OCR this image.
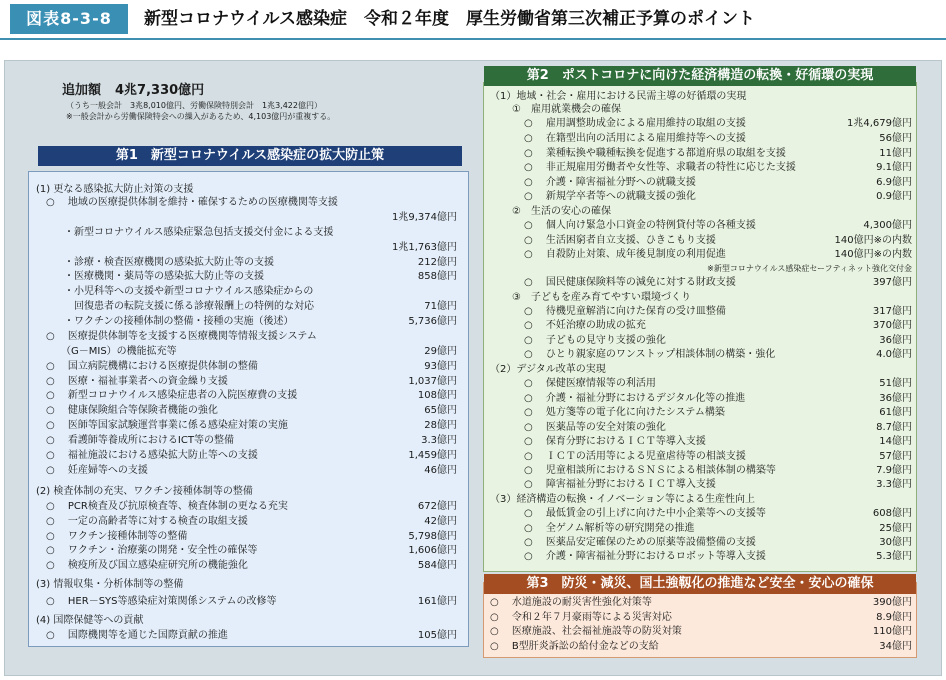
図表8-3-8	新型コロナウイルス感染症　令和２年度　厚生労働省第三次補正予算のポイント
追加額 4兆7,330億円
（うち一般会計　3兆8,010億円、労働保険特別会計　1兆3,422億円）
※一般会計から労働保険特会への繰入があるため、4,103億円が重複する。
第1　新型コロナウイルス感染症の拡大防止策
第2　ポストコロナに向けた経済構造の転換・好循環の実現
第3　防災・減災、国土強靱化の推進など安全・安心の確保
(1) 更なる感染拡大防止対策の支援
○　 地域の医療提供体制を維持・確保するための医療機関等支援
1兆9,374億円
・新型コロナウイルス感染症緊急包括支援交付金による支援
1兆1,763億円
・診療・検査医療機関の感染拡大防止等の支援	212億円
・医療機関・薬局等の感染拡大防止等の支援	858億円
・小児科等への支援や新型コロナウイルス感染症からの
　回復患者の転院支援に係る診療報酬上の特例的な対応	71億円
・ワクチンの接種体制の整備・接種の実施（後述）	5,736億円
○　 医療提供体制等を支援する医療機関等情報支援システム
　　（G－MIS）の機能拡充等	29億円
○　 国立病院機構における医療提供体制の整備	93億円
○　 医療・福祉事業者への資金繰り支援	1,037億円
○　 新型コロナウイルス感染症患者の入院医療費の支援	108億円
○　 健康保険組合等保険者機能の強化	65億円
○　 医師等国家試験運営事業に係る感染症対策の実施	28億円
○　 看護師等養成所におけるICT等の整備	3.3億円
○　 福祉施設における感染拡大防止等への支援	1,459億円
○　 妊産婦等への支援	46億円
(2) 検査体制の充実、ワクチン接種体制等の整備
○　 PCR検査及び抗原検査等、検査体制の更なる充実	672億円
○　 一定の高齢者等に対する検査の取組支援	42億円
○　 ワクチン接種体制等の整備	5,798億円
○　 ワクチン・治療薬の開発・安全性の確保等	1,606億円
○　 検疫所及び国立感染症研究所の機能強化	584億円
(3) 情報収集・分析体制等の整備
○　 HER－SYS等感染症対策関係システムの改修等	161億円
(4) 国際保健等への貢献
○　 国際機関等を通じた国際貢献の推進	105億円
（1）地域・社会・雇用における民需主導の好循環の実現
①　雇用就業機会の確保
○　 雇用調整助成金による雇用維持の取組の支援	1兆4,679億円
○　 在籍型出向の活用による雇用維持等への支援	56億円
○　 業種転換や職種転換を促進する都道府県の取組を支援	11億円
○　 非正規雇用労働者や女性等、求職者の特性に応じた支援	9.1億円
○　 介護・障害福祉分野への就職支援	6.9億円
○　 新規学卒者等への就職支援の強化	0.9億円
②　生活の安心の確保
○　 個人向け緊急小口資金の特例貸付等の各種支援	4,300億円
○　 生活困窮者自立支援、ひきこもり支援	140億円※の内数
○　 自殺防止対策、成年後見制度の利用促進	140億円※の内数
○　 国民健康保険料等の減免に対する財政支援	397億円
③　子どもを産み育てやすい環境づくり
○　 待機児童解消に向けた保育の受け皿整備	317億円
○　 不妊治療の助成の拡充	370億円
○　 子どもの見守り支援の強化	36億円
○　 ひとり親家庭のワンストップ相談体制の構築・強化	4.0億円
（2）デジタル改革の実現
○　 保健医療情報等の利活用	51億円
○　 介護・福祉分野におけるデジタル化等の推進	36億円
○　 処方箋等の電子化に向けたシステム構築	61億円
○　 医薬品等の安全対策の強化	8.7億円
○　 保育分野におけるＩＣＴ等導入支援	14億円
○　 ＩＣＴの活用等による児童虐待等の相談支援	57億円
○　 児童相談所におけるＳＮＳによる相談体制の構築等	7.9億円
○　 障害福祉分野におけるＩＣＴ導入支援	3.3億円
（3）経済構造の転換・イノベーション等による生産性向上
○　 最低賃金の引上げに向けた中小企業等への支援等	608億円
○　 全ゲノム解析等の研究開発の推進	25億円
○　 医薬品安定確保のための原薬等設備整備の支援	30億円
○　 介護・障害福祉分野におけるロボット等導入支援	5.3億円
○　 水道施設の耐災害性強化対策等	390億円
○　 令和２年７月豪雨等による災害対応	8.9億円
○　 医療施設、社会福祉施設等の防災対策	110億円
○　 B型肝炎訴訟の給付金などの支給	34億円
※新型コロナウイルス感染症セーフティネット強化交付金
